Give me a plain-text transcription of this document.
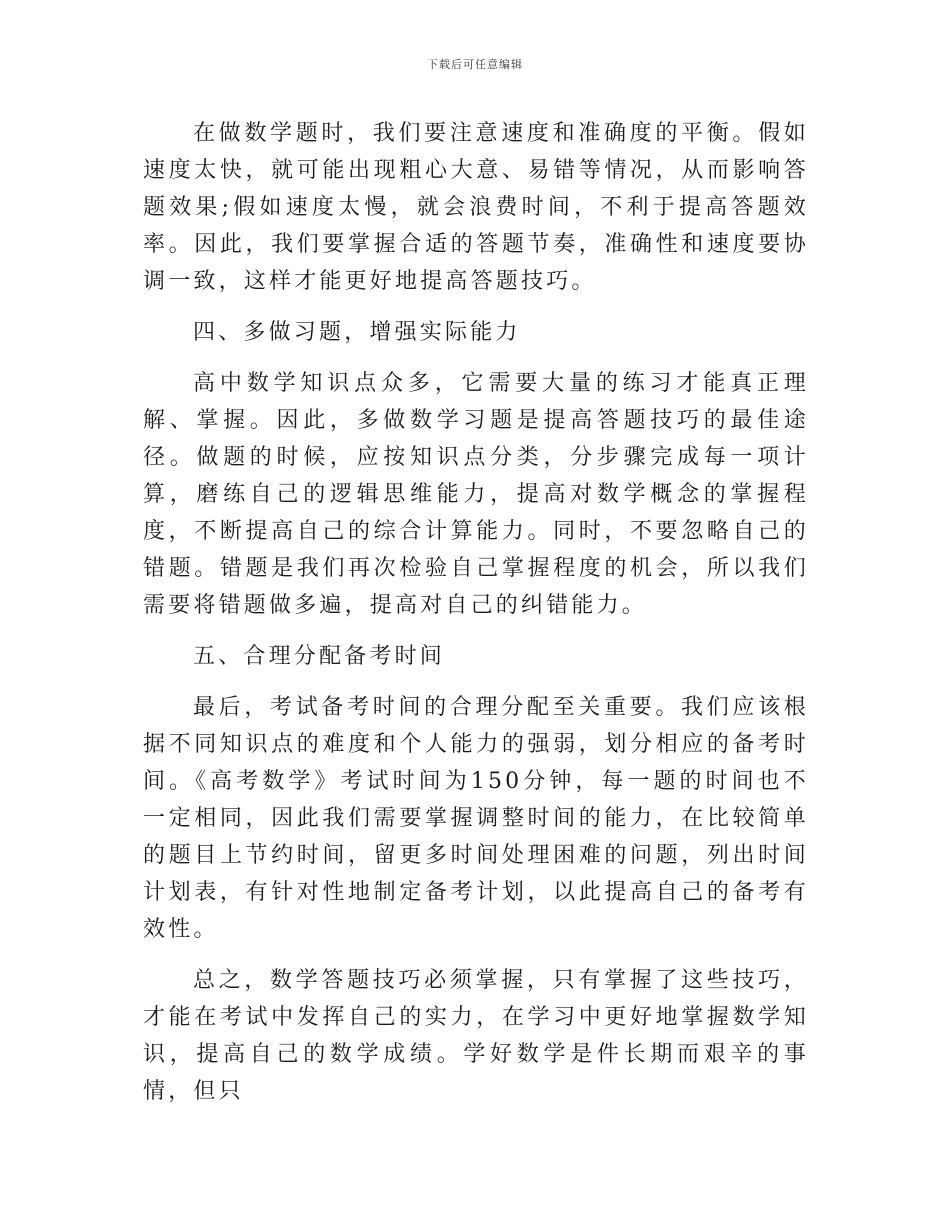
下载后可任意编辑

在做数学题时，我们要注意速度和准确度的平衡。假如速度太快，就可能出现粗心大意、易错等情况，从而影响答题效果;假如速度太慢，就会浪费时间，不利于提高答题效率。因此，我们要掌握合适的答题节奏，准确性和速度要协调一致，这样才能更好地提高答题技巧。

四、多做习题，增强实际能力

高中数学知识点众多，它需要大量的练习才能真正理解、掌握。因此，多做数学习题是提高答题技巧的最佳途径。做题的时候，应按知识点分类，分步骤完成每一项计算，磨练自己的逻辑思维能力，提高对数学概念的掌握程度，不断提高自己的综合计算能力。同时，不要忽略自己的错题。错题是我们再次检验自己掌握程度的机会，所以我们需要将错题做多遍，提高对自己的纠错能力。

五、合理分配备考时间

最后，考试备考时间的合理分配至关重要。我们应该根据不同知识点的难度和个人能力的强弱，划分相应的备考时间。《高考数学》考试时间为150分钟，每一题的时间也不一定相同，因此我们需要掌握调整时间的能力，在比较简单的题目上节约时间，留更多时间处理困难的问题，列出时间计划表，有针对性地制定备考计划，以此提高自己的备考有效性。

总之，数学答题技巧必须掌握，只有掌握了这些技巧，才能在考试中发挥自己的实力，在学习中更好地掌握数学知识，提高自己的数学成绩。学好数学是件长期而艰辛的事情，但只
